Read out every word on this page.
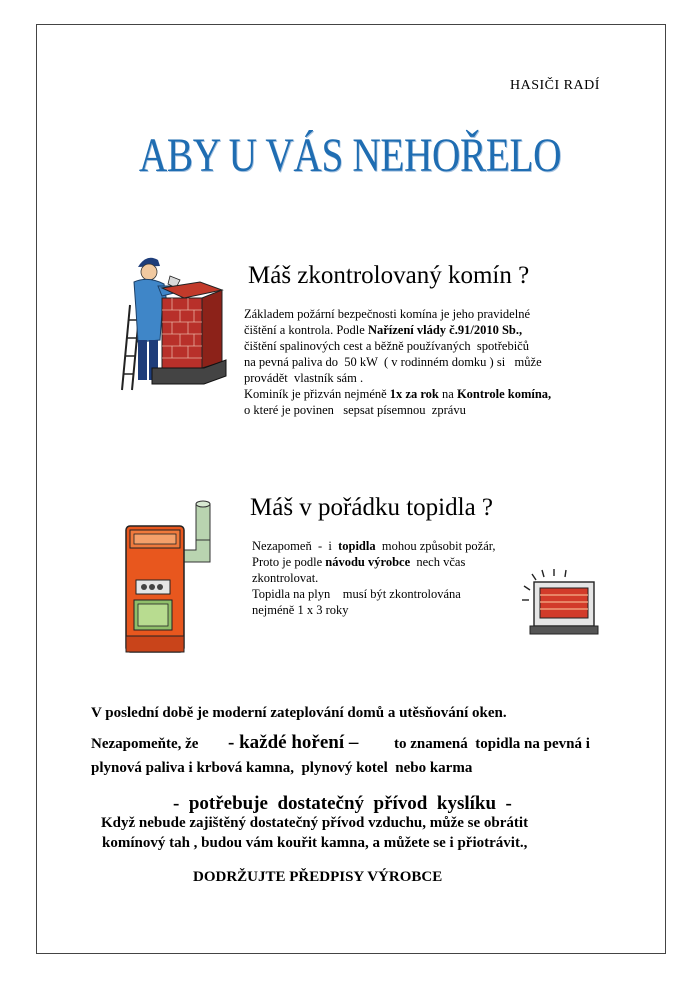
HASIČI RADÍ
ABY U VÁS NEHOŘELO
Máš zkontrolovaný komín ?
Základem požární bezpečnosti komína je jeho pravidelné
čištění a kontrola. Podle Nařízení vlády č.91/2010 Sb.,
čištění spalinových cest a běžně používaných  spotřebičů
na pevná paliva do  50 kW  ( v rodinném domku ) si   může
provádět  vlastník sám .
Kominík je přizván nejméně 1x za rok na Kontrole komína,
o které je povinen   sepsat písemnou  zprávu
Máš v pořádku topidla ?
Nezapomeň  -  i  topidla  mohou způsobit požár,
Proto je podle návodu výrobce  nech včas
zkontrolovat.
Topidla na plyn    musí být zkontrolována
nejméně 1 x 3 roky
V poslední době je moderní zateplování domů a utěsňování oken.
Nezapomeňte, že - každé hoření – to znamená  topidla na pevná i
plynová paliva i krbová kamna,  plynový kotel  nebo karma
-  potřebuje  dostatečný  přívod  kyslíku  -
Když nebude zajištěný dostatečný přívod vzduchu, může se obrátit
komínový tah , budou vám kouřit kamna, a můžete se i přiotrávit.,
DODRŽUJTE PŘEDPISY VÝROBCE
